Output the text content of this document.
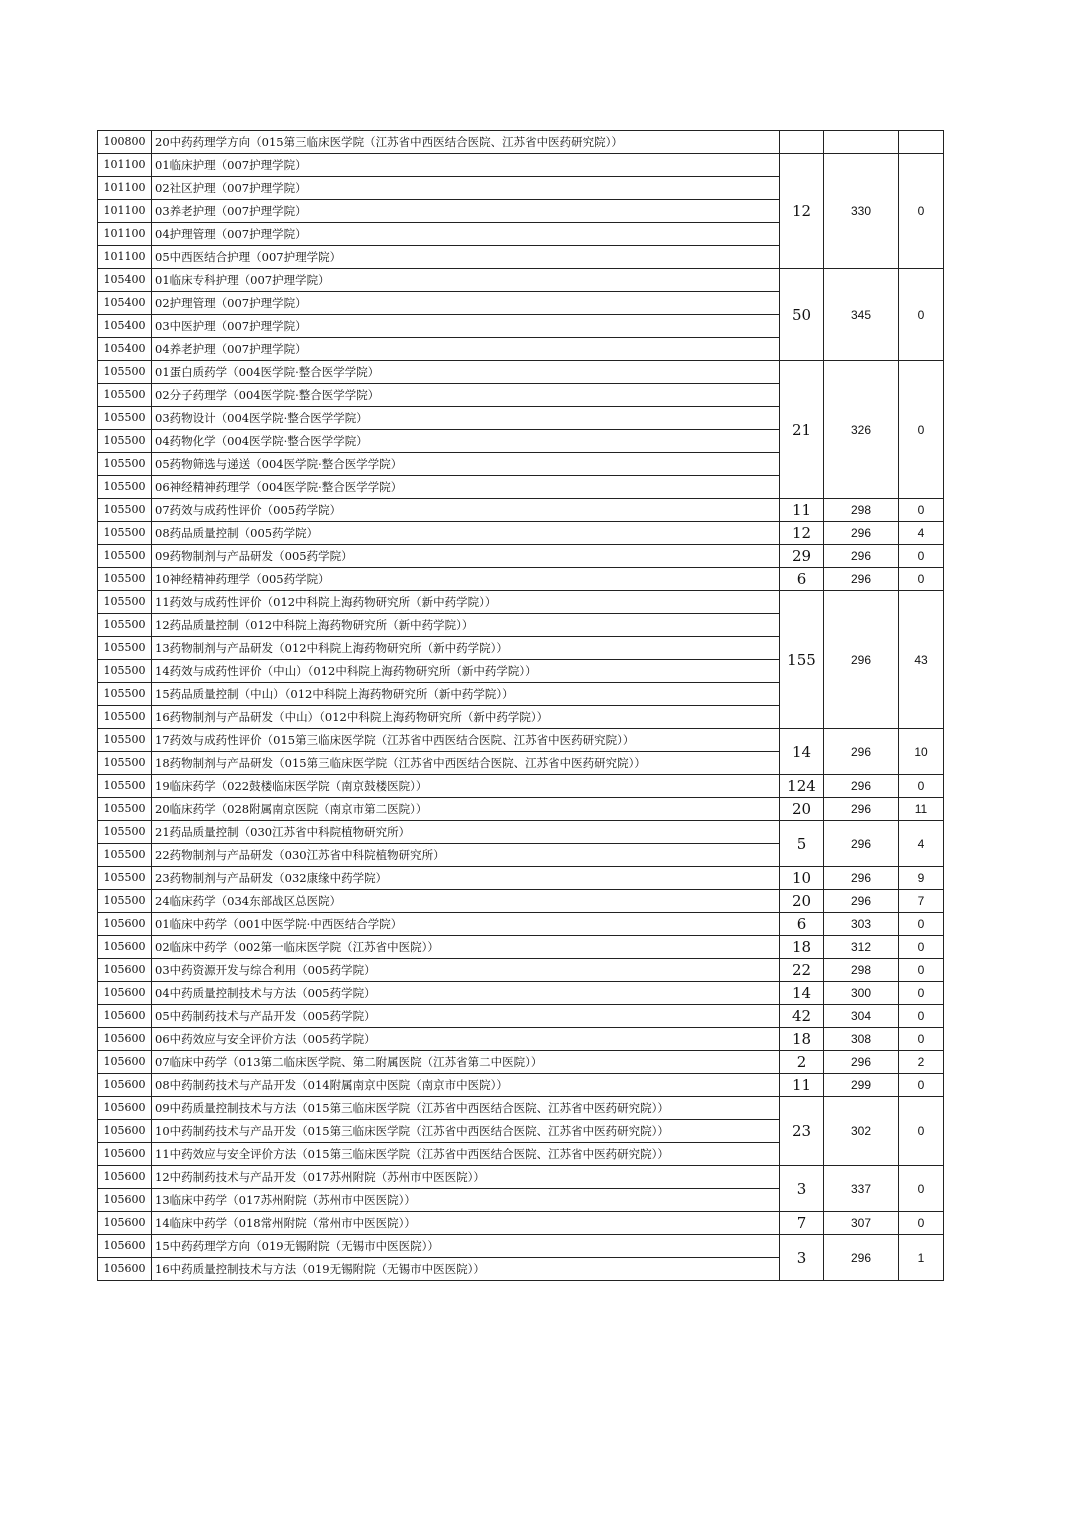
100800	20中药药理学方向（015第三临床医学院（江苏省中西医结合医院、江苏省中医药研究院））			
101100	01临床护理（007护理学院）	12	330	0
101100	02社区护理（007护理学院）			
101100	03养老护理（007护理学院）			
101100	04护理管理（007护理学院）			
101100	05中西医结合护理（007护理学院）			
105400	01临床专科护理（007护理学院）	50	345	0
105400	02护理管理（007护理学院）			
105400	03中医护理（007护理学院）			
105400	04养老护理（007护理学院）			
105500	01蛋白质药学（004医学院·整合医学学院）	21	326	0
105500	02分子药理学（004医学院·整合医学学院）			
105500	03药物设计（004医学院·整合医学学院）			
105500	04药物化学（004医学院·整合医学学院）			
105500	05药物筛选与递送（004医学院·整合医学学院）			
105500	06神经精神药理学（004医学院·整合医学学院）			
105500	07药效与成药性评价（005药学院）	11	298	0
105500	08药品质量控制（005药学院）	12	296	4
105500	09药物制剂与产品研发（005药学院）	29	296	0
105500	10神经精神药理学（005药学院）	6	296	0
105500	11药效与成药性评价（012中科院上海药物研究所（新中药学院））	155	296	43
105500	12药品质量控制（012中科院上海药物研究所（新中药学院））			
105500	13药物制剂与产品研发（012中科院上海药物研究所（新中药学院））			
105500	14药效与成药性评价（中山）（012中科院上海药物研究所（新中药学院））			
105500	15药品质量控制（中山）（012中科院上海药物研究所（新中药学院））			
105500	16药物制剂与产品研发（中山）（012中科院上海药物研究所（新中药学院））			
105500	17药效与成药性评价（015第三临床医学院（江苏省中西医结合医院、江苏省中医药研究院））	14	296	10
105500	18药物制剂与产品研发（015第三临床医学院（江苏省中西医结合医院、江苏省中医药研究院））			
105500	19临床药学（022鼓楼临床医学院（南京鼓楼医院））	124	296	0
105500	20临床药学（028附属南京医院（南京市第二医院））	20	296	11
105500	21药品质量控制（030江苏省中科院植物研究所）	5	296	4
105500	22药物制剂与产品研发（030江苏省中科院植物研究所）			
105500	23药物制剂与产品研发（032康缘中药学院）	10	296	9
105500	24临床药学（034东部战区总医院）	20	296	7
105600	01临床中药学（001中医学院·中西医结合学院）	6	303	0
105600	02临床中药学（002第一临床医学院（江苏省中医院））	18	312	0
105600	03中药资源开发与综合利用（005药学院）	22	298	0
105600	04中药质量控制技术与方法（005药学院）	14	300	0
105600	05中药制药技术与产品开发（005药学院）	42	304	0
105600	06中药效应与安全评价方法（005药学院）	18	308	0
105600	07临床中药学（013第二临床医学院、第二附属医院（江苏省第二中医院））	2	296	2
105600	08中药制药技术与产品开发（014附属南京中医院（南京市中医院））	11	299	0
105600	09中药质量控制技术与方法（015第三临床医学院（江苏省中西医结合医院、江苏省中医药研究院））	23	302	0
105600	10中药制药技术与产品开发（015第三临床医学院（江苏省中西医结合医院、江苏省中医药研究院））			
105600	11中药效应与安全评价方法（015第三临床医学院（江苏省中西医结合医院、江苏省中医药研究院））			
105600	12中药制药技术与产品开发（017苏州附院（苏州市中医医院））	3	337	0
105600	13临床中药学（017苏州附院（苏州市中医医院））			
105600	14临床中药学（018常州附院（常州市中医医院））	7	307	0
105600	15中药药理学方向（019无锡附院（无锡市中医医院））	3	296	1
105600	16中药质量控制技术与方法（019无锡附院（无锡市中医医院））			
